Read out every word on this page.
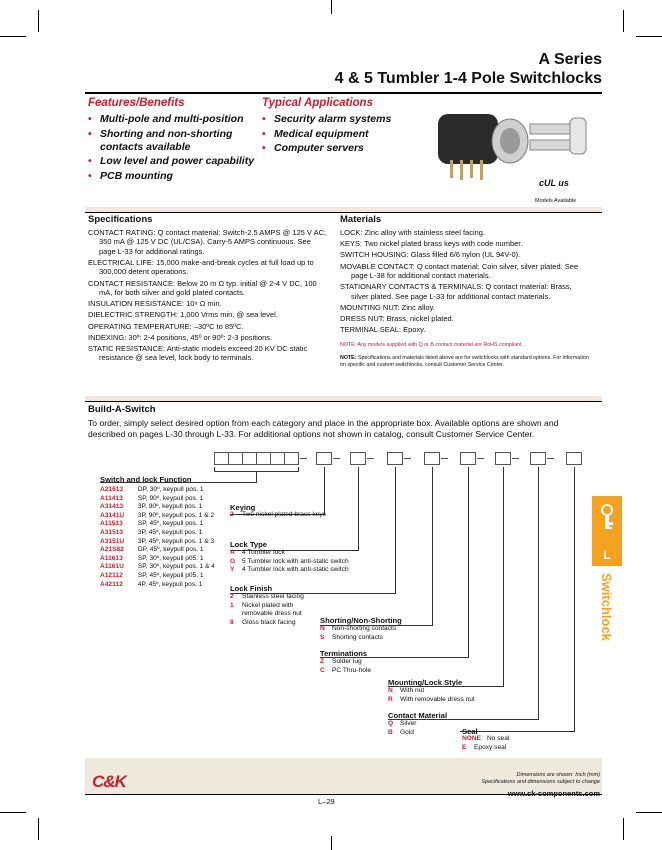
A Series
4 & 5 Tumbler 1-4 Pole Switchlocks
Features/Benefits
• Multi-pole and multi-position
• Shorting and non-shorting contacts available
• Low level and power capability
• PCB mounting
Typical Applications
• Security alarm systems
• Medical equipment
• Computer servers
cUL us
Models Available
Specifications

CONTACT RATING: Q contact material: Switch-2.5 AMPS @ 125 V AC; 350 mA @ 125 V DC (UL/CSA). Carry-5 AMPS continuous. See page L-33 for additional ratings.

ELECTRICAL LIFE: 15,000 make-and-break cycles at full load up to 300,000 detent operations.

CONTACT RESISTANCE: Below 20 m Ω typ. initial @ 2-4 V DC, 100 mA, for both silver and gold plated contacts.

INSULATION RESISTANCE: 10⁹ Ω min.

DIELECTRIC STRENGTH: 1,000 Vrms min. @ sea level.

OPERATING TEMPERATURE: –30ºC to 85ºC.

INDEXING: 30º: 2-4 positions, 45º or 90º: 2-3 positions.

STATIC RESISTANCE: Anti-static models exceed 20 KV DC static resistance @ sea level, lock body to terminals.

Materials

LOCK: Zinc alloy with stainless steel facing.

KEYS: Two nickel plated brass keys with code number.

SWITCH HOUSING: Glass filled 6/6 nylon (UL 94V-0).

MOVABLE CONTACT: Q contact material: Coin silver, silver plated. See page L-38 for additional contact materials.

STATIONARY CONTACTS & TERMINALS: Q contact material: Brass, silver plated. See page L-33 for additional contact materials.

MOUNTING NUT: Zinc alloy.

DRESS NUT: Brass, nickel plated.

TERMINAL SEAL: Epoxy.

NOTE: Any models supplied with Q or B contact material are RoHS compliant.
NOTE: Specifications and materials listed above are for switchlocks with standard options. For information on specific and custom switchlocks, consult Customer Service Center.
Build-A-Switch
To order, simply select desired option from each category and place in the appropriate box. Available options are shown and described on pages L-30 through L-33. For additional options not shown in catalog, consult Customer Service Center.
Switch and lock Function
A21613 DP, 30º, keypull pos. 1
A11413 SP, 90º, keypull pos. 1
A31413 3P, 90º, keypull pos. 1
A3141U 3P, 90º, keypull pos. 1 & 2
A11513 SP, 45º, keypull pos. 1
A31513 3P, 45º, keypull pos. 1
A3151U 3P, 45º, keypull pos. 1 & 3
A21S82 DP, 45º, keypull pos. 1
A11613 SP, 30º, keypull p05. 1
A1161U SP, 30º, keypull pos. 1 & 4
A12112 SP, 45º, keypull p05. 1
A42112 4P, 45º, keypull pos. 1
Keying
2 Two nickel plated brass keys
Lock Type
A 4 Tumbler lock
G 5 Tumbler lock with anti-static switch
Y 4 Tumbler lock with anti-static switch
Lock Finish
2 Stainless steel facing
1 Nickel plated with
removable dress nut
8 Gloss black facing	Shorting/Non-Shorting
N Non-shorting contacts
S Shorting contacts
Terminations
Z Solder lug
C PC Thru-hole
Mounting/Lock Style
N With nut
R With removable dress nut
Contact Material
Q Silver
B Gold	Seal
NONE No seal
E Epoxy seal
L
Switchlock
C&K	Dimensions are shown: Inch (mm)
Specifications and dimensions subject to change
www.ck-components.com
L–29
